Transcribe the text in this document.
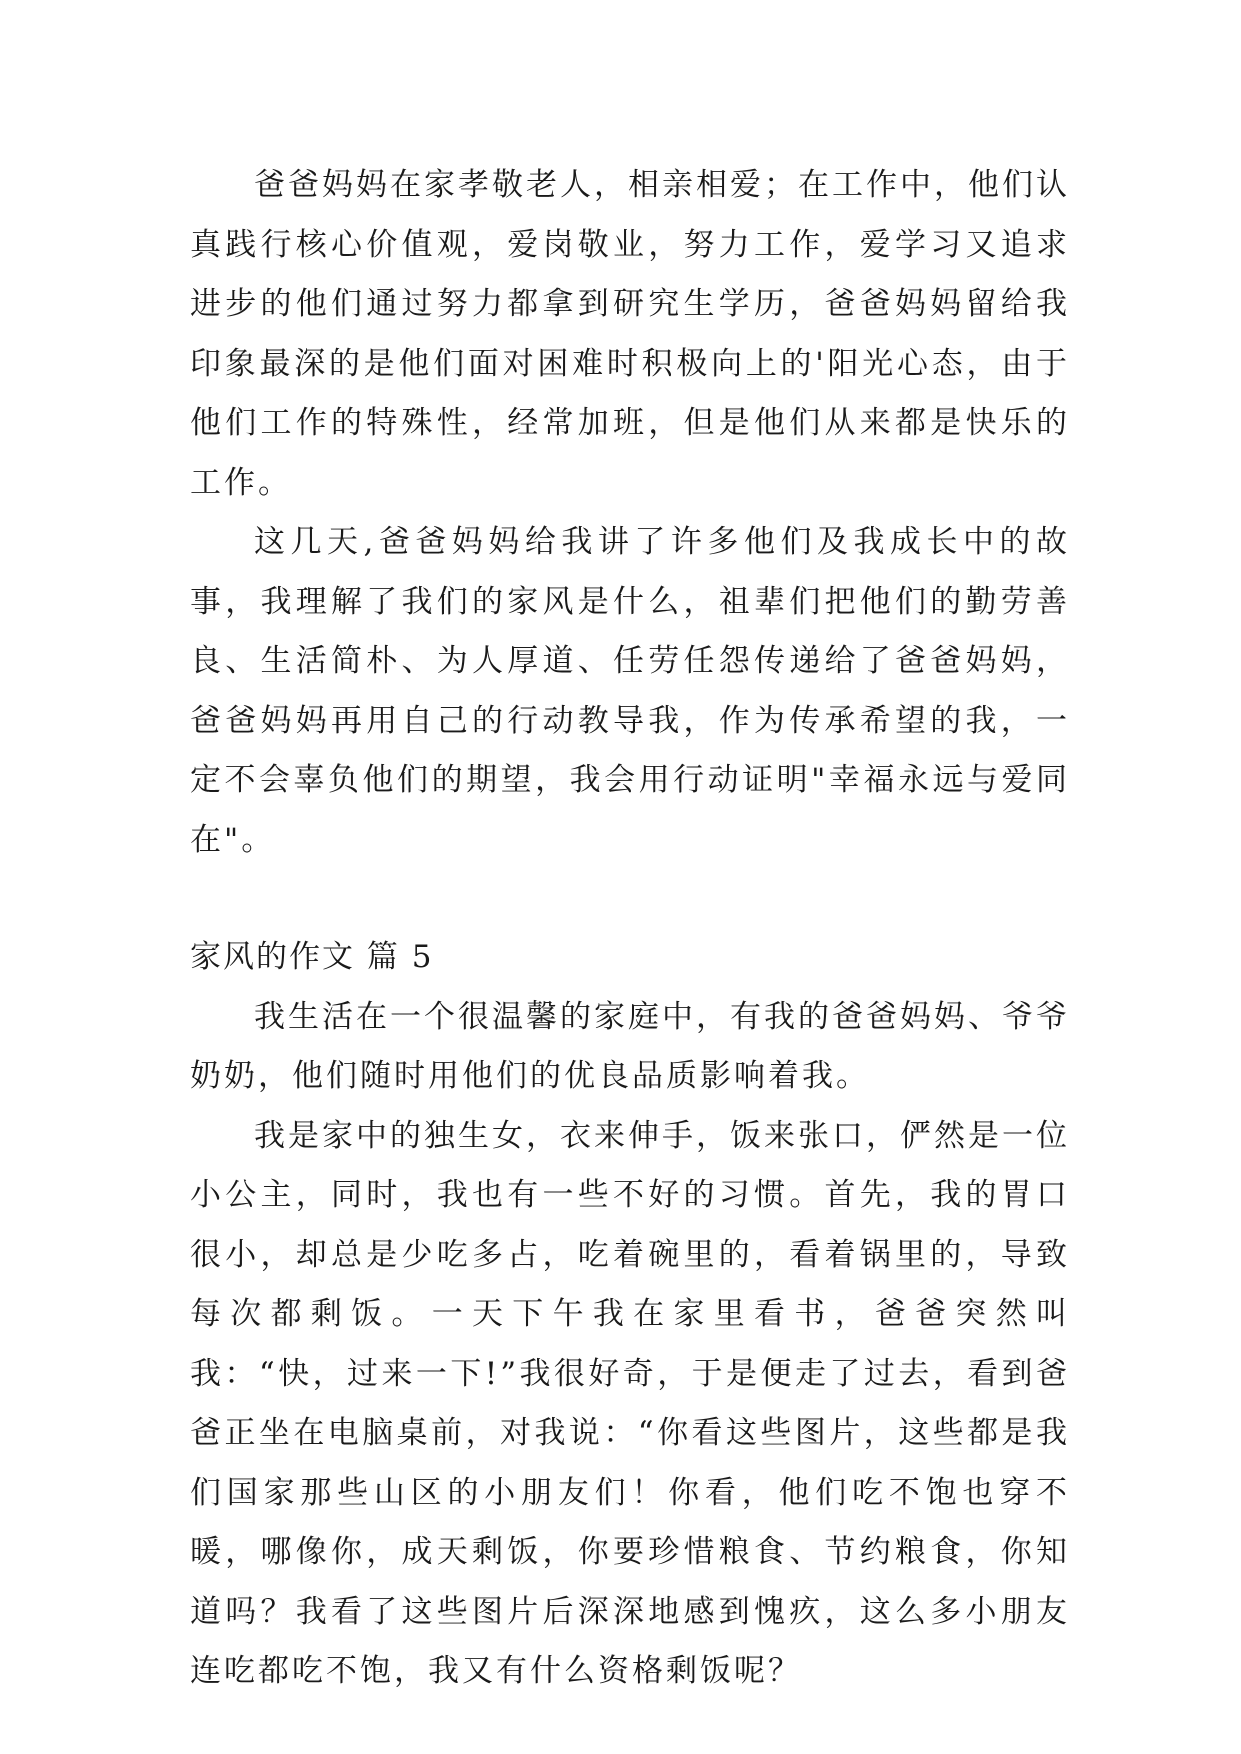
爸爸妈妈在家孝敬老人，相亲相爱；在工作中，他们认真践行核心价值观，爱岗敬业，努力工作，爱学习又追求进步的他们通过努力都拿到研究生学历，爸爸妈妈留给我印象最深的是他们面对困难时积极向上的'阳光心态，由于他们工作的特殊性，经常加班，但是他们从来都是快乐的工作。

这几天,爸爸妈妈给我讲了许多他们及我成长中的故事，我理解了我们的家风是什么，祖辈们把他们的勤劳善良、生活简朴、为人厚道、任劳任怨传递给了爸爸妈妈，爸爸妈妈再用自己的行动教导我，作为传承希望的我，一定不会辜负他们的期望，我会用行动证明"幸福永远与爱同在"。

家风的作文 篇 5

我生活在一个很温馨的家庭中，有我的爸爸妈妈、爷爷奶奶，他们随时用他们的优良品质影响着我。

我是家中的独生女，衣来伸手，饭来张口，俨然是一位小公主，同时，我也有一些不好的习惯。首先，我的胃口很小，却总是少吃多占，吃着碗里的，看着锅里的，导致每次都剩饭。一天下午我在家里看书，爸爸突然叫我：“快，过来一下!”我很好奇，于是便走了过去，看到爸爸正坐在电脑桌前，对我说：“你看这些图片，这些都是我们国家那些山区的小朋友们！你看，他们吃不饱也穿不暖，哪像你，成天剩饭，你要珍惜粮食、节约粮食，你知道吗？我看了这些图片后深深地感到愧疚，这么多小朋友连吃都吃不饱，我又有什么资格剩饭呢？
